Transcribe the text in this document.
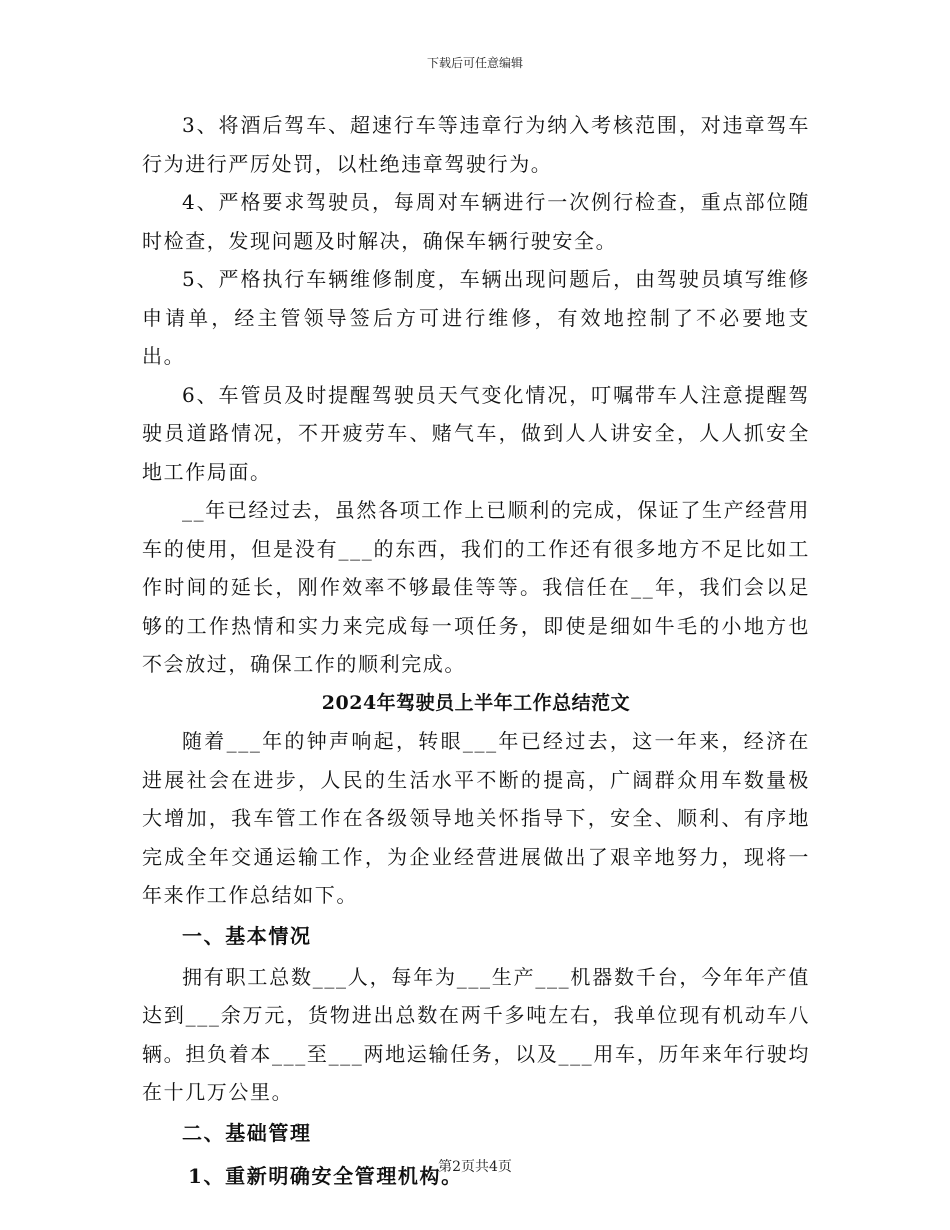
下载后可任意编辑

3、将酒后驾车、超速行车等违章行为纳入考核范围，对违章驾车行为进行严厉处罚，以杜绝违章驾驶行为。

4、严格要求驾驶员，每周对车辆进行一次例行检查，重点部位随时检查，发现问题及时解决，确保车辆行驶安全。

5、严格执行车辆维修制度，车辆出现问题后，由驾驶员填写维修申请单，经主管领导签后方可进行维修，有效地控制了不必要地支出。

6、车管员及时提醒驾驶员天气变化情况，叮嘱带车人注意提醒驾驶员道路情况，不开疲劳车、赌气车，做到人人讲安全，人人抓安全地工作局面。

__年已经过去，虽然各项工作上已顺利的完成，保证了生产经营用车的使用，但是没有___的东西，我们的工作还有很多地方不足比如工作时间的延长，刚作效率不够最佳等等。我信任在__年，我们会以足够的工作热情和实力来完成每一项任务，即使是细如牛毛的小地方也不会放过，确保工作的顺利完成。

2024年驾驶员上半年工作总结范文

随着___年的钟声响起，转眼___年已经过去，这一年来，经济在进展社会在进步，人民的生活水平不断的提高，广阔群众用车数量极大增加，我车管工作在各级领导地关怀指导下，安全、顺利、有序地完成全年交通运输工作，为企业经营进展做出了艰辛地努力，现将一年来作工作总结如下。

一、基本情况

拥有职工总数___人，每年为___生产___机器数千台，今年年产值达到___余万元，货物进出总数在两千多吨左右，我单位现有机动车八辆。担负着本___至___两地运输任务，以及___用车，历年来年行驶均在十几万公里。

二、基础管理

1、重新明确安全管理机构。

第2页共4页
